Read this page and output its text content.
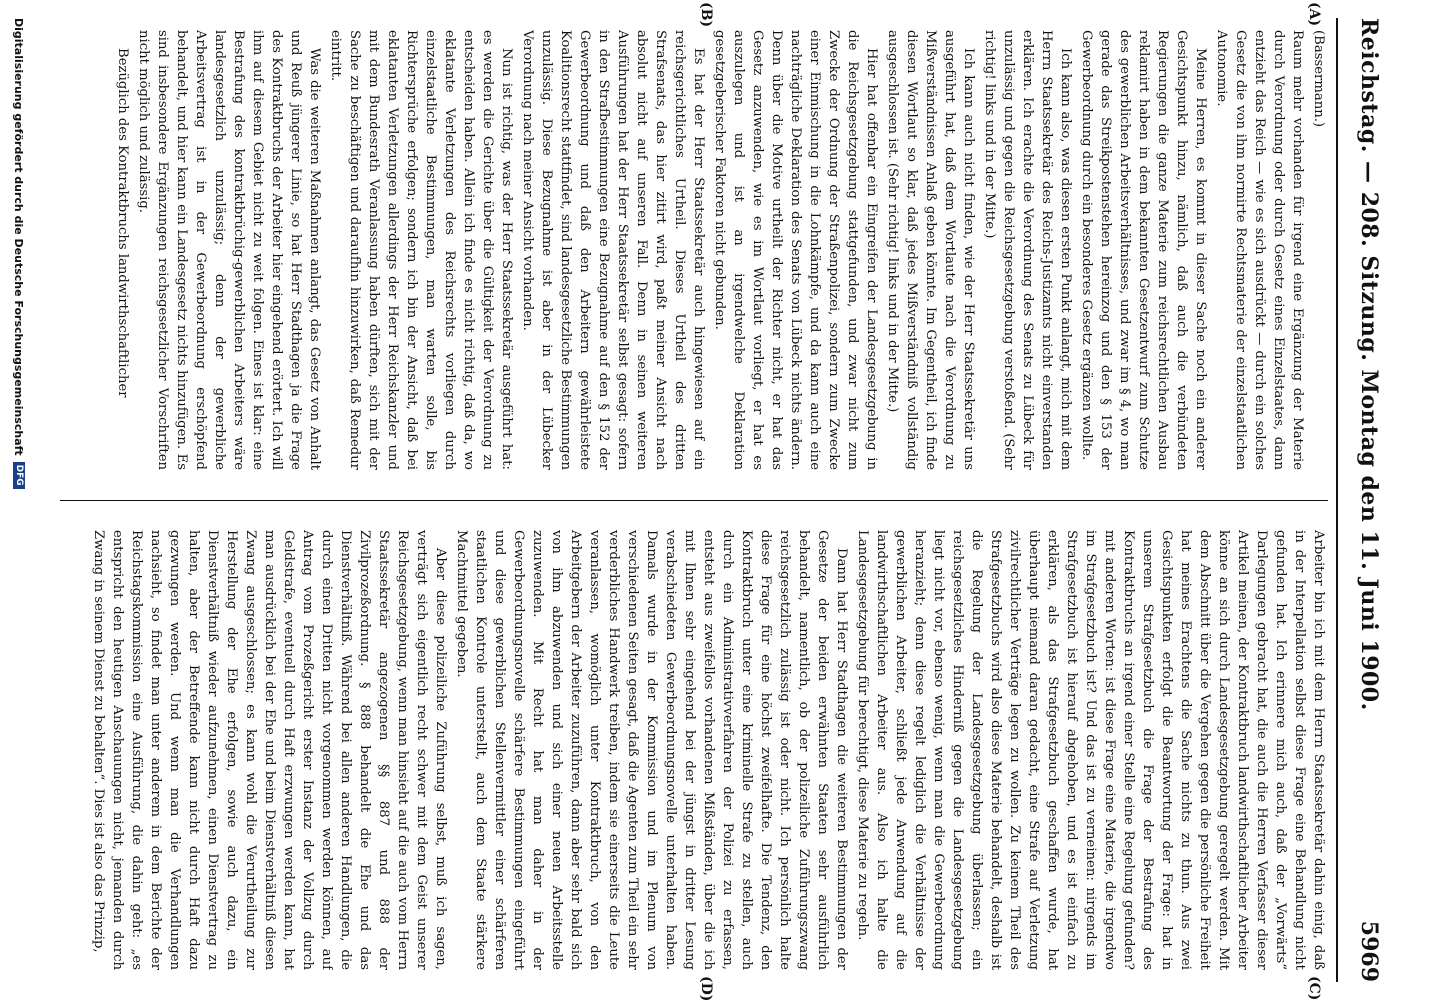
Reichstag. — 208. Sitzung. Montag den 11. Juni 1900.
5969
(A)
(B)
(C)
(D)

(Bassermann.)

Raum mehr vorhanden für irgend eine Ergänzung der Materie durch Verordnung oder durch Gesetz eines Einzelstaates, dann entzieht das Reich — wie es sich ausdrückt — durch ein solches Gesetz die von ihm normirte Rechtsmaterie der einzelstaatlichen Autonomie.

Meine Herren, es kommt in dieser Sache noch ein anderer Gesichtspunkt hinzu, nämlich, daß auch die verbündeten Regierungen die ganze Materie zum reichsrechtlichen Ausbau reklamirt haben in dem bekannten Gesetzentwurf zum Schutze des gewerblichen Arbeitsverhältnisses, und zwar im § 4, wo man gerade das Streikpostenstehen hereinzog und den § 153 der Gewerbeordnung durch ein besonderes Gesetz ergänzen wollte.

Ich kann also, was diesen ersten Punkt anlangt, mich mit dem Herrn Staatssekretär des Reichs-Justizamts nicht einverstanden erklären. Ich erachte die Verordnung des Senats zu Lübeck für unzulässig und gegen die Reichsgesetzgebung verstoßend. (Sehr richtig! links und in der Mitte.)

Ich kann auch nicht finden, wie der Herr Staatssekretär uns ausgeführt hat, daß dem Wortlaute nach die Verordnung zu Mißverständnissen Anlaß geben könnte. Im Gegentheil, ich finde diesen Wortlaut so klar, daß jedes Mißverständniß vollständig ausgeschlossen ist. (Sehr richtig! links und in der Mitte.)

Hier hat offenbar ein Eingreifen der Landesgesetzgebung in die Reichsgesetzgebung stattgefunden, und zwar nicht zum Zwecke der Ordnung der Straßenpolizei, sondern zum Zwecke einer Einmischung in die Lohnkämpfe, und da kann auch eine nachträgliche Deklaration des Senats von Lübeck nichts ändern. Denn über die Motive urtheilt der Richter nicht, er hat das Gesetz anzuwenden, wie es im Wortlaut vorliegt, er hat es auszulegen und ist an irgendwelche Deklaration gesetzgeberischer Faktoren nicht gebunden.

Es hat der Herr Staatssekretär auch hingewiesen auf ein reichsgerichtliches Urtheil. Dieses Urtheil des dritten Strafsenats, das hier zitirt wird, paßt meiner Ansicht nach absolut nicht auf unseren Fall. Denn in seinen weiteren Ausführungen hat der Herr Staatssekretär selbst gesagt: sofern in den Strafbestimmungen eine Bezugnahme auf den § 152 der Gewerbeordnung und daß den Arbeitern gewährleistete Koalitionsrecht stattfindet, sind landesgesetzliche Bestimmungen unzulässig. Diese Bezugnahme ist aber in der Lübecker Verordnung nach meiner Ansicht vorhanden.

Nun ist richtig, was der Herr Staatssekretär ausgeführt hat: es werden die Gerichte über die Gültigkeit der Verordnung zu entscheiden haben. Allein ich finde es nicht richtig, daß da, wo eklatante Verletzungen des Reichsrechts vorliegen durch einzelstaatliche Bestimmungen, man warten solle, bis Richtersprüche erfolgen; sondern ich bin der Ansicht, daß bei eklatanten Verletzungen allerdings der Herr Reichskanzler und mit dem Bundesrath Veranlassung haben dürften, sich mit der Sache zu beschäftigen und daraufhin hinzuwirken, daß Remedur eintritt.

Was die weiteren Maßnahmen anlangt, das Gesetz von Anhalt und Reuß jüngerer Linie, so hat Herr Stadthagen ja die Frage des Kontraktbruchs der Arbeiter hier eingehend erörtert. Ich will ihm auf diesem Gebiet nicht zu weit folgen. Eines ist klar: eine Bestrafung des kontraktbrüchig-gewerblichen Arbeiters wäre landesgesetzlich unzulässig; denn der gewerbliche Arbeitsvertrag ist in der Gewerbeordnung erschöpfend behandelt, und hier kann ein Landesgesetz nichts hinzufügen. Es sind insbesondere Ergänzungen reichsgesetzlicher Vorschriften nicht möglich und zulässig.

Bezüglich des Kontraktbruchs landwirthschaftlicher

Arbeiter bin ich mit dem Herrn Staatssekretär dahin einig, daß in der Interpellation selbst diese Frage eine Behandlung nicht gefunden hat. Ich erinnere mich auch, daß der „Vorwärts“ Darlegungen gebracht hat, die auch die Herren Verfasser dieser Artikel meinen, der Kontraktbruch landwirthschaftlicher Arbeiter könne an sich durch Landesgesetzgebung geregelt werden. Mit dem Abschnitt über die Vergehen gegen die persönliche Freiheit hat meines Erachtens die Sache nichts zu thun. Aus zwei Gesichtspunkten erfolgt die Beantwortung der Frage: hat in unserem Strafgesetzbuch die Frage der Bestrafung des Kontraktbruchs an irgend einer Stelle eine Regelung gefunden? mit anderen Worten: ist diese Frage eine Materie, die irgendwo im Strafgesetzbuch ist? Und das ist zu verneinen: nirgends im Strafgesetzbuch ist hierauf abgehoben, und es ist einfach zu erklären, als das Strafgesetzbuch geschaffen wurde, hat überhaupt niemand daran gedacht, eine Strafe auf Verletzung zivilrechtlicher Verträge legen zu wollen. Zu keinem Theil des Strafgesetzbuchs wird also diese Materie behandelt, deshalb ist die Regelung der Landesgesetzgebung überlassen; ein reichsgesetzliches Hinderniß gegen die Landesgesetzgebung liegt nicht vor, ebenso wenig, wenn man die Gewerbeordnung heranzieht; denn diese regelt lediglich die Verhältnisse der gewerblichen Arbeiter, schließt jede Anwendung auf die landwirthschaftlichen Arbeiter aus. Also ich halte die Landesgesetzgebung für berechtigt, diese Materie zu regeln.

Dann hat Herr Stadthagen die weiteren Bestimmungen der Gesetze der beiden erwähnten Staaten sehr ausführlich behandelt, namentlich, ob der polizeiliche Zuführungszwang reichsgesetzlich zulässig ist oder nicht. Ich persönlich halte diese Frage für eine höchst zweifelhafte. Die Tendenz, den Kontraktbruch unter eine kriminelle Strafe zu stellen, auch durch ein Administrativverfahren der Polizei zu erfassen, entsteht aus zweifellos vorhandenen Mißständen, über die ich mit Ihnen sehr eingehend bei der jüngst in dritter Lesung verabschiedeten Gewerbeordnungsnovelle unterhalten haben. Damals wurde in der Kommission und im Plenum von verschiedenen Seiten gesagt, daß die Agenten zum Theil ein sehr verderbliches Handwerk treiben, indem sie einerseits die Leute veranlassen, womöglich unter Kontraktbruch, von den Arbeitgebern der Arbeiter zuzuführen, dann aber sehr bald sich von ihm abzuwenden und sich einer neuen Arbeitsstelle zuzuwenden. Mit Recht hat man daher in der Gewerbeordnungsnovelle schärfere Bestimmungen eingeführt und diese gewerblichen Stellenvermittler einer schärferen staatlichen Kontrole unterstellt, auch dem Staate stärkere Machtmittel gegeben.

Aber diese polizeiliche Zuführung selbst, muß ich sagen, verträgt sich eigentlich recht schwer mit dem Geist unserer Reichsgesetzgebung, wenn man hinsieht auf die auch vom Herrn Staatssekretär angezogenen §§ 887 und 888 der Zivilprozeßordnung. § 888 behandelt die Ehe und das Dienstverhältniß. Während bei allen anderen Handlungen, die durch einen Dritten nicht vorgenommen werden können, auf Antrag vom Prozeßgericht erster Instanz der Vollzug durch Geldstrafe, eventuell durch Haft erzwungen werden kann, hat man ausdrücklich bei der Ehe und beim Dienstverhältniß diesen Zwang ausgeschlossen; es kann wohl die Verurtheilung zur Herstellung der Ehe erfolgen, sowie auch dazu, ein Dienstverhältniß wieder aufzunehmen, einen Dienstvertrag zu halten, aber der Betreffende kann nicht durch Haft dazu gezwungen werden. Und wenn man die Verhandlungen nachsieht, so findet man unter anderem in dem Berichte der Reichstagskommission eine Ausführung, die dahin geht: „es entspricht den heutigen Anschauungen nicht, jemanden durch Zwang in seinem Dienst zu behalten“. Dies ist also das Prinzip,

Digitalisierung gefördert durch die Deutsche Forschungsgemeinschaft
DFG
